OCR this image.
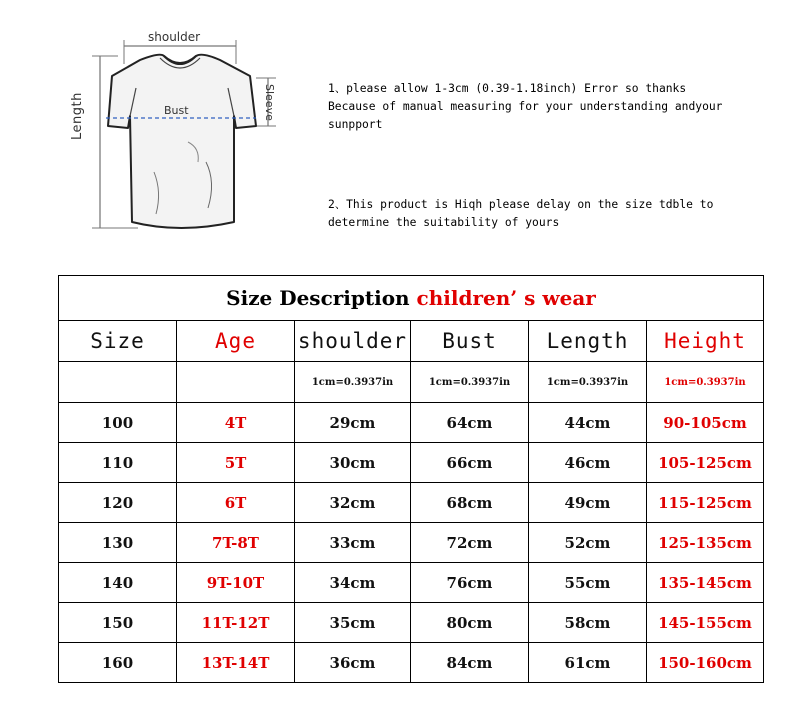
shoulder
Bust
Length	Sleeve	1、please allow 1-3cm (0.39-1.18inch) Error so thanks
Because of manual measuring for your understanding andyour
sunpport
2、This product is Hiqh please delay on the size tdble to
determine the suitability of yours
Size Description children’ s wear					
Size	Age	shoulder	Bust	Length	Height
		1cm=0.3937in	1cm=0.3937in	1cm=0.3937in	1cm=0.3937in
100	4T	29cm	64cm	44cm	90-105cm
110	5T	30cm	66cm	46cm	105-125cm
120	6T	32cm	68cm	49cm	115-125cm
130	7T-8T	33cm	72cm	52cm	125-135cm
140	9T-10T	34cm	76cm	55cm	135-145cm
150	11T-12T	35cm	80cm	58cm	145-155cm
160	13T-14T	36cm	84cm	61cm	150-160cm
